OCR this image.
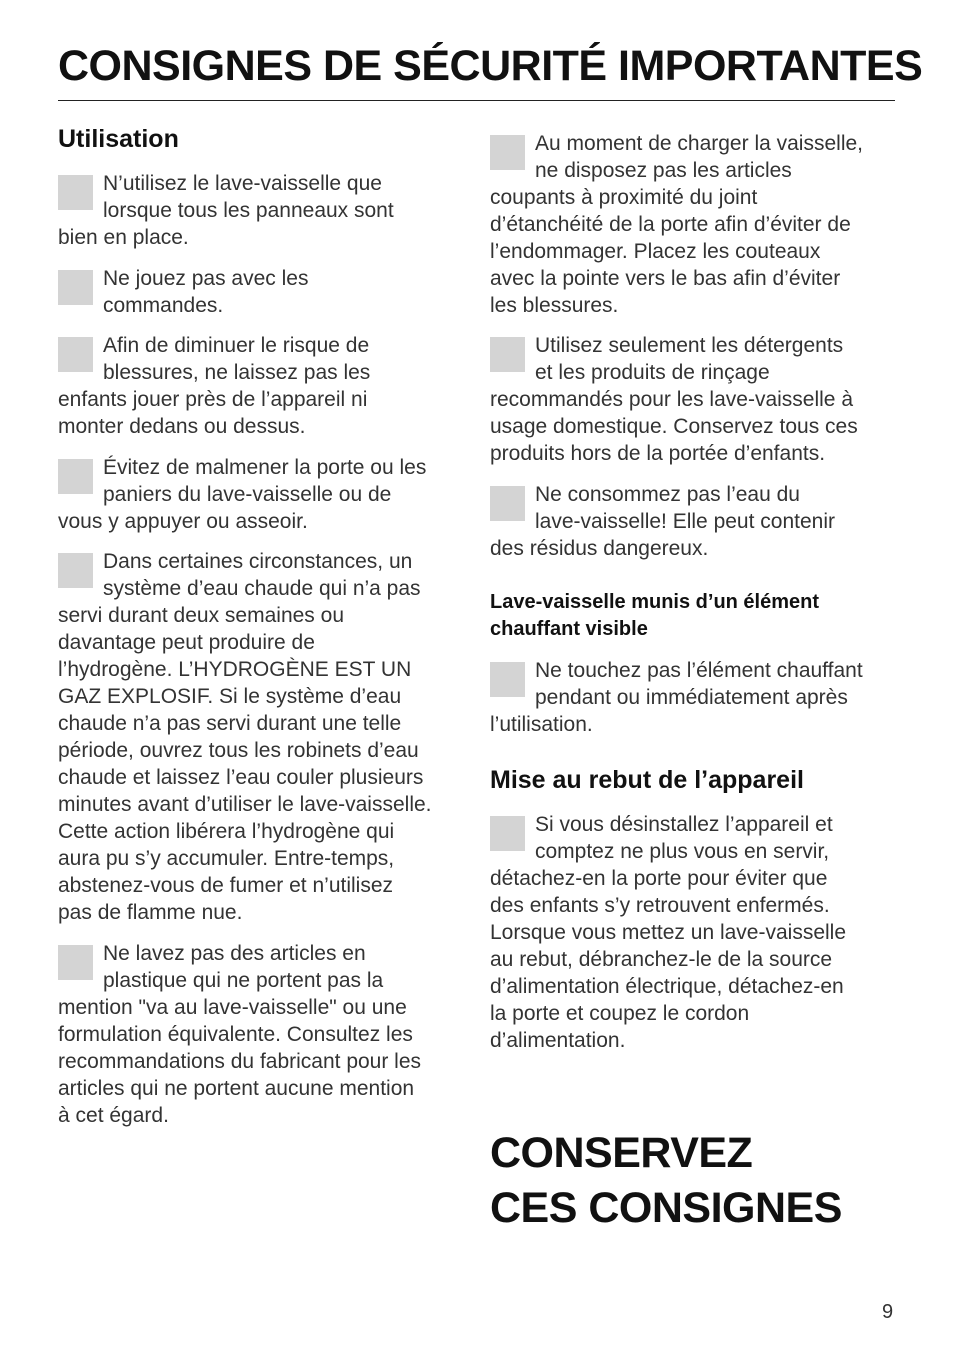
CONSIGNES DE SÉCURITÉ IMPORTANTES
Utilisation
N’utilisez le lave-vaisselle que
lorsque tous les panneaux sont
bien en place.
Ne jouez pas avec les
commandes.
Afin de diminuer le risque de
blessures, ne laissez pas les
enfants jouer près de l’appareil ni
monter dedans ou dessus.
Évitez de malmener la porte ou les
paniers du lave-vaisselle ou de
vous y appuyer ou asseoir.
Dans certaines circonstances, un
système d’eau chaude qui n’a pas
servi durant deux semaines ou
davantage peut produire de
l’hydrogène. L’HYDROGÈNE EST UN
GAZ EXPLOSIF. Si le système d’eau
chaude n’a pas servi durant une telle
période, ouvrez tous les robinets d’eau
chaude et laissez l’eau couler plusieurs
minutes avant d’utiliser le lave-vaisselle.
Cette action libérera l’hydrogène qui
aura pu s’y accumuler. Entre-temps,
abstenez-vous de fumer et n’utilisez
pas de flamme nue.
Ne lavez pas des articles en
plastique qui ne portent pas la
mention "va au lave-vaisselle" ou une
formulation équivalente. Consultez les
recommandations du fabricant pour les
articles qui ne portent aucune mention
à cet égard.
Au moment de charger la vaisselle,
ne disposez pas les articles
coupants à proximité du joint
d’étanchéité de la porte afin d’éviter de
l’endommager. Placez les couteaux
avec la pointe vers le bas afin d’éviter
les blessures.
Utilisez seulement les détergents
et les produits de rinçage
recommandés pour les lave-vaisselle à
usage domestique. Conservez tous ces
produits hors de la portée d’enfants.
Ne consommez pas l’eau du
lave-vaisselle! Elle peut contenir
des résidus dangereux.
Lave-vaisselle munis d’un élément
chauffant visible
Ne touchez pas l’élément chauffant
pendant ou immédiatement après
l’utilisation.
Mise au rebut de l’appareil
Si vous désinstallez l’appareil et
comptez ne plus vous en servir,
détachez-en la porte pour éviter que
des enfants s’y retrouvent enfermés.
Lorsque vous mettez un lave-vaisselle
au rebut, débranchez-le de la source
d’alimentation électrique, détachez-en
la porte et coupez le cordon
d’alimentation.
CONSERVEZ
CES CONSIGNES
9
